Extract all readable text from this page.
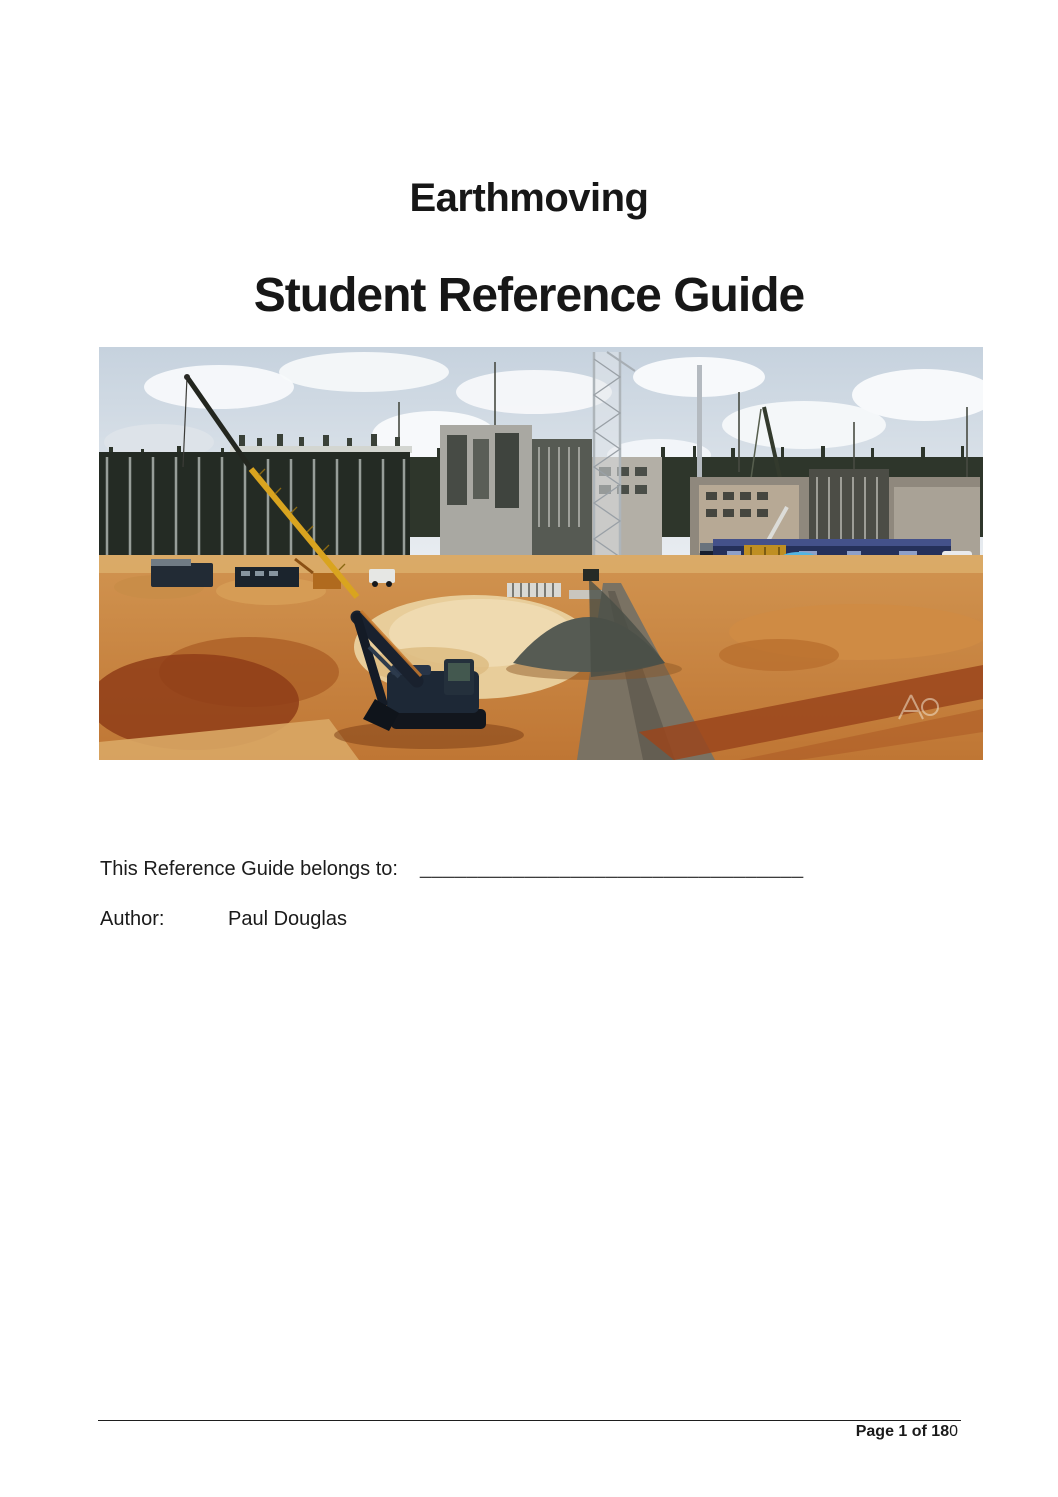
Earthmoving
Student Reference Guide
This Reference Guide belongs to: _________________________________
Author:	Paul Douglas
Page 1 of 180
